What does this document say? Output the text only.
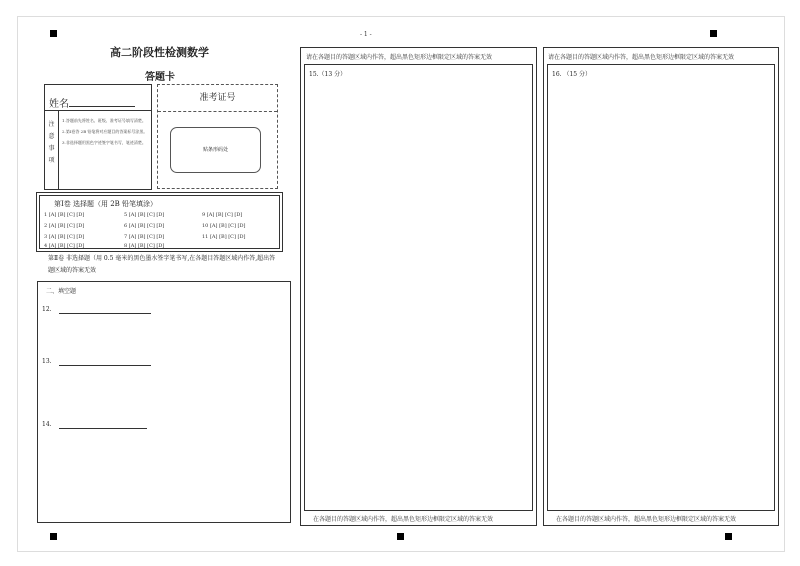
- 1 -
高二阶段性检测数学
答题卡
姓名
注
意
事
项
1.答题前先将姓名、班级、准考证号填写清楚。2.第Ⅰ卷答 2B 铅笔将对应题目的答案标号涂黑。3.非选择题用黑色字迹签字笔书写，笔迹清楚。
准考证号
贴条形码处
第Ⅰ卷 选择题（用 2B 铅笔填涂）
1 [A] [B] [C] [D]
2 [A] [B] [C] [D]
3 [A] [B] [C] [D]
4 [A] [B] [C] [D]
5 [A] [B] [C] [D]
6 [A] [B] [C] [D]
7 [A] [B] [C] [D]
8 [A] [B] [C] [D]
9 [A] [B] [C] [D]
10 [A] [B] [C] [D]
11 [A] [B] [C] [D]
第Ⅱ卷 非选择题（用 0.5 毫米的黑色墨水签字笔书写,在各题目答题区域内作答,超出答题区域的答案无效
二、填空题
12.
13.
14.
请在各题目的答题区域内作答，超出黑色矩形边框限定区域的答案无效
15.（13 分）
在各题目的答题区域内作答，超出黑色矩形边框限定区域的答案无效
请在各题目的答题区域内作答，超出黑色矩形边框限定区域的答案无效
16. （15 分）
在各题目的答题区域内作答，超出黑色矩形边框限定区域的答案无效
